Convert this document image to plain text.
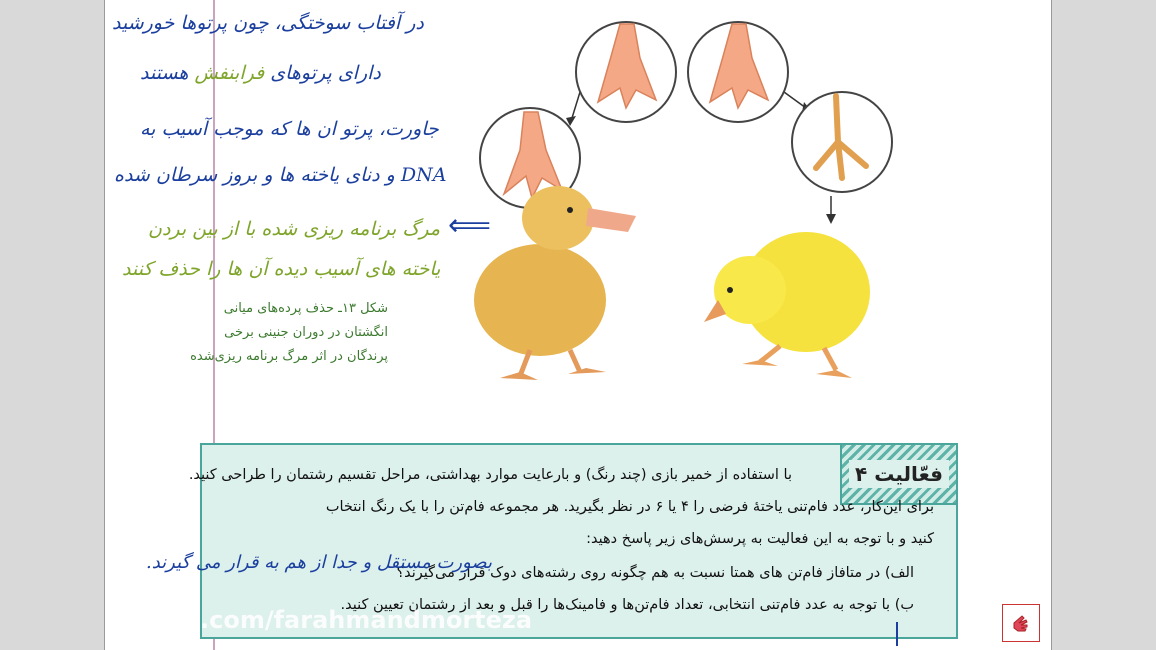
در آفتاب سوختگی، چون پرتوها خورشید
دارای پرتوهای فرابنفش هستند
جاورت، پرتو ان ها که موجب آسیب به
DNA و دنای یاخته ها و بروز سرطان شده
مرگ برنامه ریزی شده با از بین بردن
یاخته های آسیب دیده آن ها را حذف کنند
⟸
شکل ۱۳ـ حذف پرده‌های میانی
انگشتان در دوران جنینی برخی
پرندگان در اثر مرگ برنامه ریزی‌شده
فعّالیت ۴
با استفاده از خمیر بازی (چند رنگ) و بارعایت موارد بهداشتی، مراحل تقسیم رشتمان را طراحی کنید.
برای این‌کار، عدد فام‌تنی یاختهٔ فرضی را ۴ یا ۶ در نظر بگیرید. هر مجموعه فام‌تن را با یک رنگ انتخاب
کنید و با توجه به این فعالیت به پرسش‌های زیر پاسخ دهید:
الف) در متافاز فام‌تن های همتا نسبت به هم چگونه روی رشته‌های دوک قرار می‌گیرند؟
ب) با توجه به عدد فام‌تنی انتخابی، تعداد فام‌تن‌ها و فامینک‌ها را قبل و بعد از رشتمان تعیین کنید.
بصورت مستقل و جدا از هم به قرار می گیرند.
.com/farahmandmorteza
